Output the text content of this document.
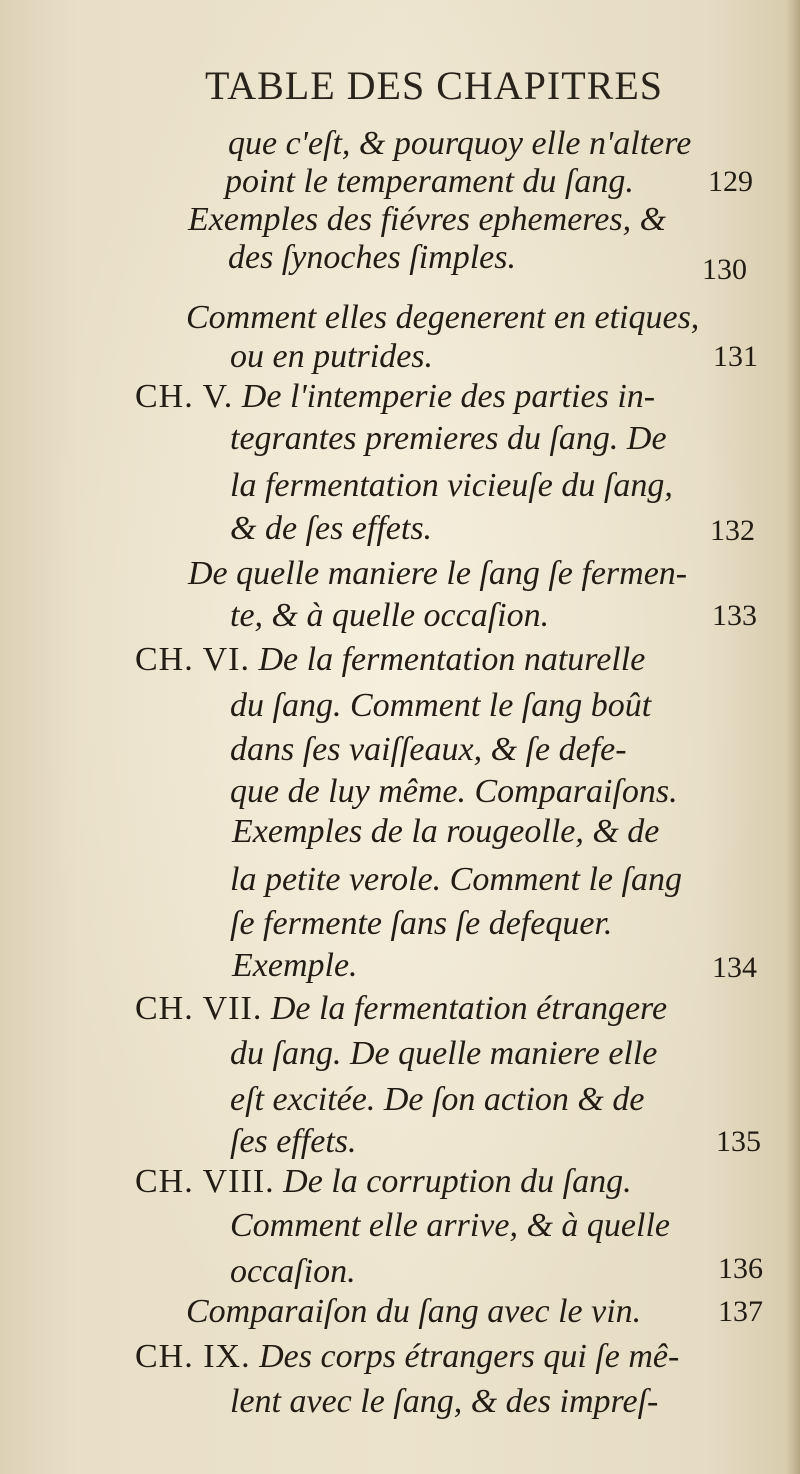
TABLE DES CHAPITRES
que c'eſt, & pourquoy elle n'altere
point le temperament du ſang. 129
Exemples des fiévres ephemeres, &
des ſynoches ſimples.	130
Comment elles degenerent en etiques,
ou en putrides.	131
CH. V. De l'intemperie des parties in-
tegrantes premieres du ſang. De
la fermentation vicieuſe du ſang,
& de ſes effets.	132
De quelle maniere le ſang ſe fermen-
te, & à quelle occaſion.	133
CH. VI. De la fermentation naturelle
du ſang. Comment le ſang boût
dans ſes vaiſſeaux, & ſe defe-
que de luy même. Comparaiſons.
Exemples de la rougeolle, & de
la petite verole. Comment le ſang
ſe fermente ſans ſe defequer.
Exemple.	134
CH. VII. De la fermentation étrangere
du ſang. De quelle maniere elle
eſt excitée. De ſon action & de
ſes effets.	135
CH. VIII. De la corruption du ſang.
Comment elle arrive, & à quelle
occaſion.	136
Comparaiſon du ſang avec le vin.	137
CH. IX. Des corps étrangers qui ſe mê-
lent avec le ſang, & des impreſ-
